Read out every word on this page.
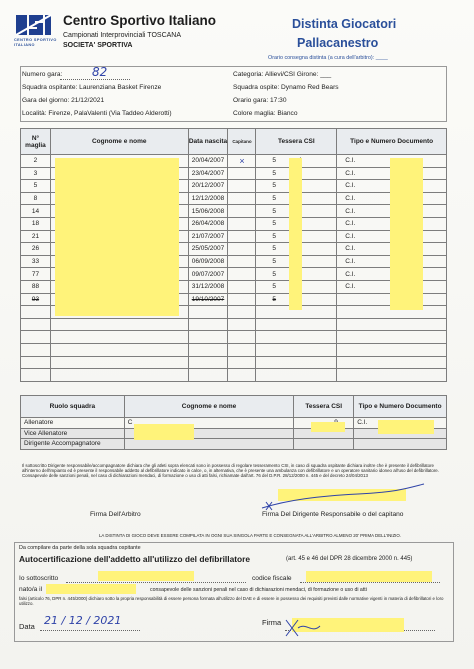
CENTRO SPORTIVO ITALIANO
Centro Sportivo Italiano
Campionati Interprovinciali TOSCANA
SOCIETA' SPORTIVA
Distinta Giocatori
Pallacanestro
Orario consegna distinta (a cura dell'arbitro): ____
Numero gara: 82
Squadra ospitante: Laurenziana Basket Firenze
Gara del giorno: 21/12/2021
Località: Firenze, PalaValenti (Via Taddeo Alderotti)
Categoria: Allievi/CSI Girone: ___
Squadra ospite: Dynamo Red Bears
Orario gara: 17:30
Colore maglia: Bianco
N° maglia	Cognome e nome	Data nascita	Capitano	Tessera CSI	Tipo e Numero Documento
2		20/04/2007	×	5	C.I.
3		23/04/2007		5	C.I.
5		20/12/2007		5	C.I.
8		12/12/2008		5	C.I.
14		15/06/2008		5	C.I.
18		26/04/2008		5	C.I.
21		21/07/2007		5	C.I.
26		25/05/2007		5	C.I.
33		06/09/2008		5	C.I.
77		09/07/2007		5	C.I.
88		31/12/2008		5	C.I.
93		19/10/2007		5	

Ruolo squadra	Cognome e nome	Tessera CSI	Tipo e Numero Documento
Allenatore	C		C.I.
Vice Allenatore			
Dirigente Accompagnatore			
Il sottoscritto Dirigente responsabile/accompagnatore dichiara che gli atleti sopra elencati sono in possesso di regolare tesseramento CSI, in caso di squadra ospitante dichiara inoltre che è presente il defibrillatore all'interno dell'impianto ed è presente il responsabile addetto al defibrillatore indicato in calce, o, in alternativa, che è presente una ambulanza con defibrillatore e un operatore sanitario idoneo all'uso del defibrillatore. Consapevole delle sanzioni penali, nel caso di dichiarazioni mendaci, di formazione o uso di atti falsi, richiamate dall'art. 76 del D.P.R. 28/12/2000 n. 445 e del decreto 24/04/2013
Firma Dell'Arbitro	Firma Del Dirigente Responsabile o del capitano
LA DISTINTA DI GIOCO DEVE ESSERE COMPILATA IN OGNI SUA SINGOLA PARTE E CONSEGNATA ALL'ARBITRO ALMENO 20' PRIMA DELL'INIZIO.
Da compilare da parte della sola squadra ospitante
Autocertificazione dell'addetto all'utilizzo del defibrillatore	(art. 45 e 46 del DPR 28 dicembre 2000 n. 445)
Io sottoscritto	codice fiscale
nato/a il	consapevole delle sanzioni penali nel caso di dichiarazioni mendaci, di formazione o uso di atti
falsi (articolo 76, DPR n. 445/2000) dichiaro sotto la propria responsabilità di essere persona formata all'utilizzo del DAE e di essere in possesso dei requisiti previsti dalle normative vigenti in materia di defibrillatori e loro utilizzo.
Data 21 / 12 / 2021	Firma
